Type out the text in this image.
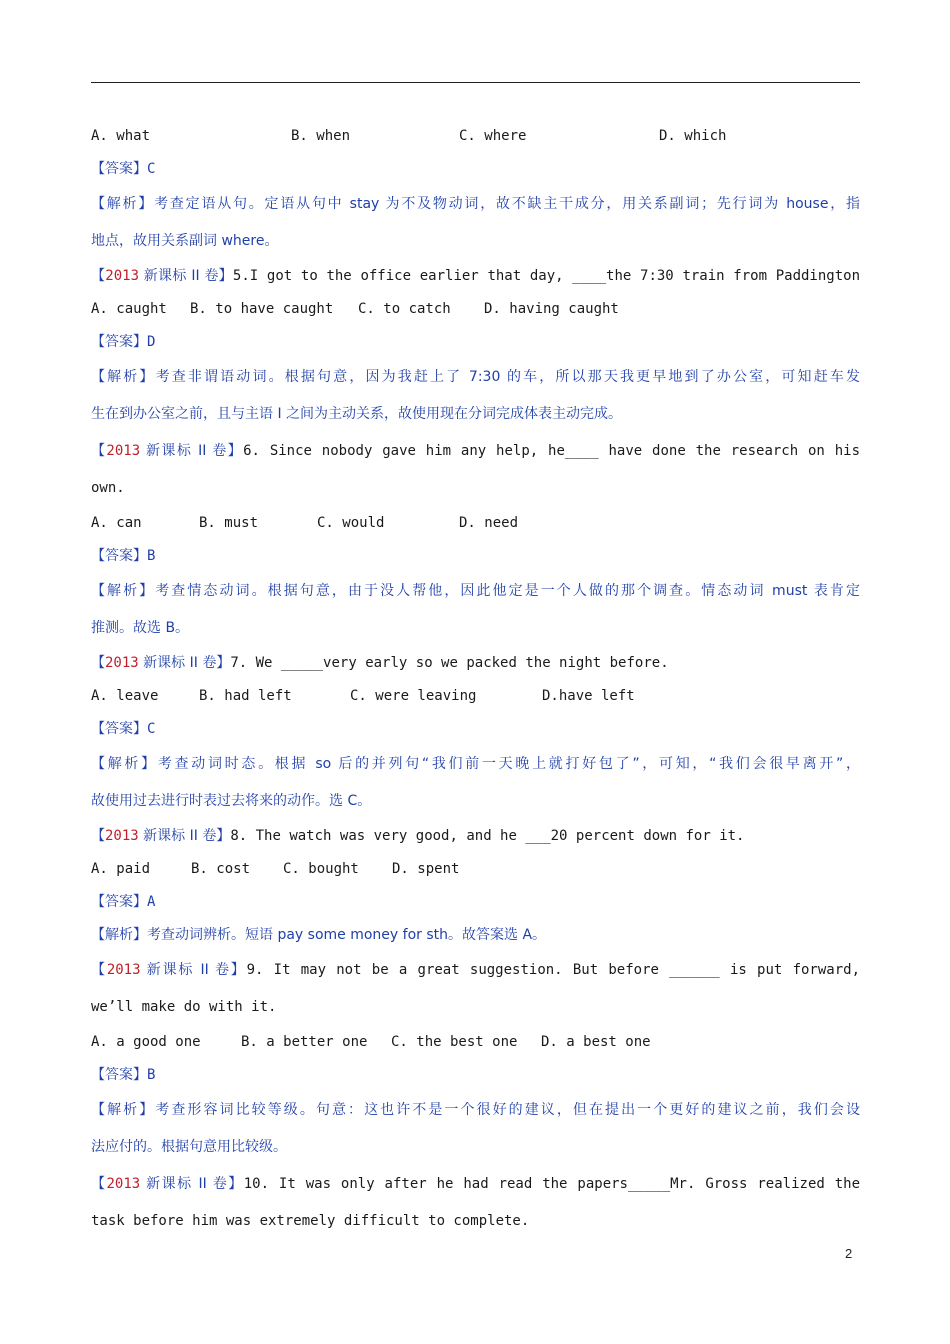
A. what	B. when	C. where	D. which
【答案】C
【解析】考查定语从句。定语从句中 stay 为不及物动词，故不缺主干成分，用关系副词；先行词为 house，指
地点，故用关系副词 where。
【2013 新课标 II 卷】5.I got to the office earlier that day, ____the 7:30 train from Paddington
A. caught	B. to have caught	C. to catch	D. having caught
【答案】D
【解析】考查非谓语动词。根据句意，因为我赶上了 7:30 的车，所以那天我更早地到了办公室，可知赶车发
生在到办公室之前，且与主语 I 之间为主动关系，故使用现在分词完成体表主动完成。
【2013 新课标 II 卷】6. Since nobody gave him any help, he____ have done the research on his
own.
A. can	B. must	C. would	D. need
【答案】B
【解析】考查情态动词。根据句意，由于没人帮他，因此他定是一个人做的那个调查。情态动词 must 表肯定
推测。故选 B。
【2013 新课标 II 卷】7. We _____very early so we packed the night before.
A. leave	B. had left	C. were leaving	D.have left
【答案】C
【解析】考查动词时态。根据 so 后的并列句“我们前一天晚上就打好包了”，可知，“我们会很早离开”，
故使用过去进行时表过去将来的动作。选 C。
【2013 新课标 II 卷】8. The watch was very good, and he ___20 percent down for it.
A. paid	B. cost	C. bought	D. spent
【答案】A
【解析】考查动词辨析。短语 pay some money for sth。故答案选 A。
【2013 新课标 II 卷】9. It may not be a great suggestion. But before ______ is put forward,
we’ll make do with it.
A. a good one	B. a better one	C. the best one	D. a best one
【答案】B
【解析】考查形容词比较等级。句意：这也许不是一个很好的建议，但在提出一个更好的建议之前，我们会设
法应付的。根据句意用比较级。
【2013 新课标 II 卷】10. It was only after he had read the papers_____Mr. Gross realized the
task before him was extremely difficult to complete.
2
